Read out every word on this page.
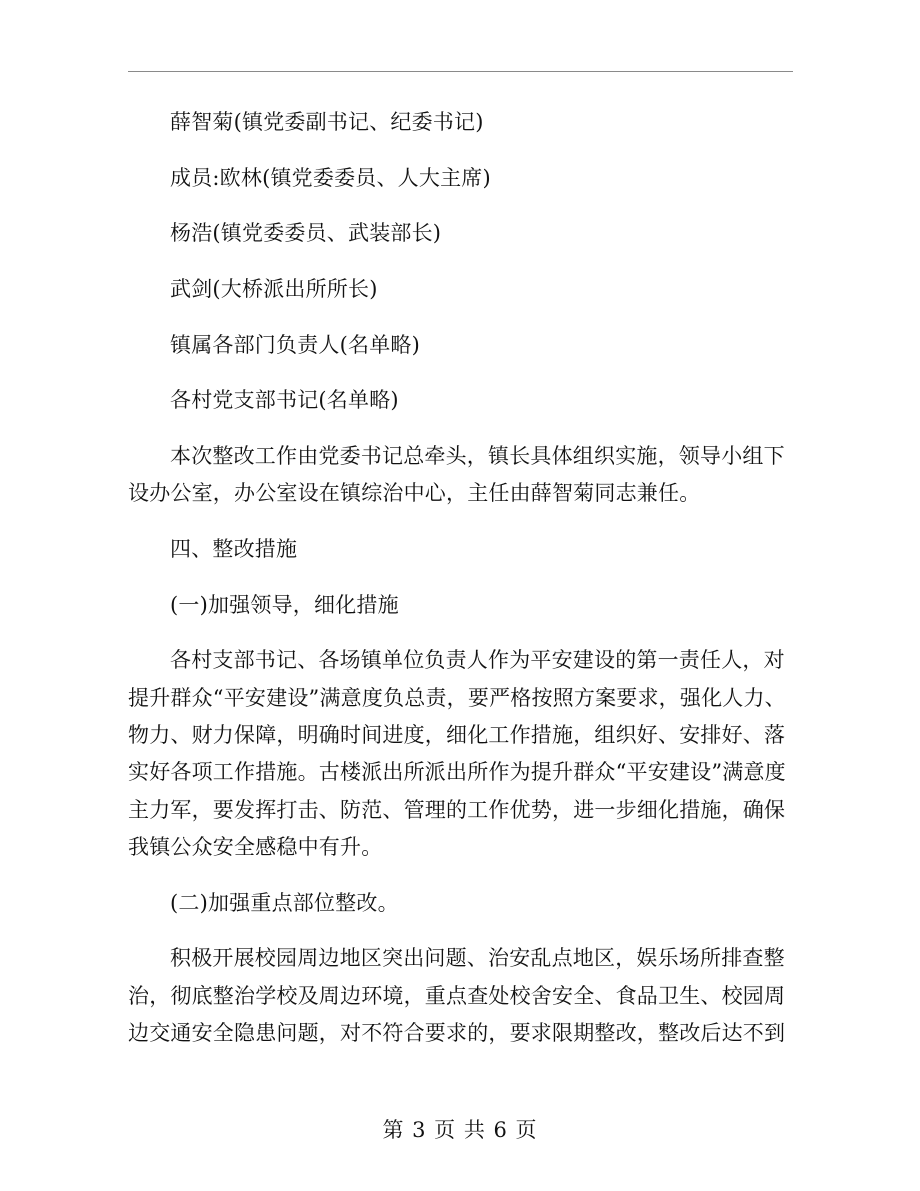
薛智菊(镇党委副书记、纪委书记)

成员:欧林(镇党委委员、人大主席)

杨浩(镇党委委员、武装部长)

武剑(大桥派出所所长)

镇属各部门负责人(名单略)

各村党支部书记(名单略)

本次整改工作由党委书记总牵头，镇长具体组织实施，领导小组下设办公室，办公室设在镇综治中心，主任由薛智菊同志兼任。

四、整改措施

(一)加强领导，细化措施

各村支部书记、各场镇单位负责人作为平安建设的第一责任人，对提升群众“平安建设”满意度负总责，要严格按照方案要求，强化人力、物力、财力保障，明确时间进度，细化工作措施，组织好、安排好、落实好各项工作措施。古楼派出所派出所作为提升群众“平安建设”满意度主力军，要发挥打击、防范、管理的工作优势，进一步细化措施，确保我镇公众安全感稳中有升。

(二)加强重点部位整改。

积极开展校园周边地区突出问题、治安乱点地区，娱乐场所排查整治，彻底整治学校及周边环境，重点查处校舍安全、食品卫生、校园周边交通安全隐患问题，对不符合要求的，要求限期整改，整改后达不到

第 3 页 共 6 页
